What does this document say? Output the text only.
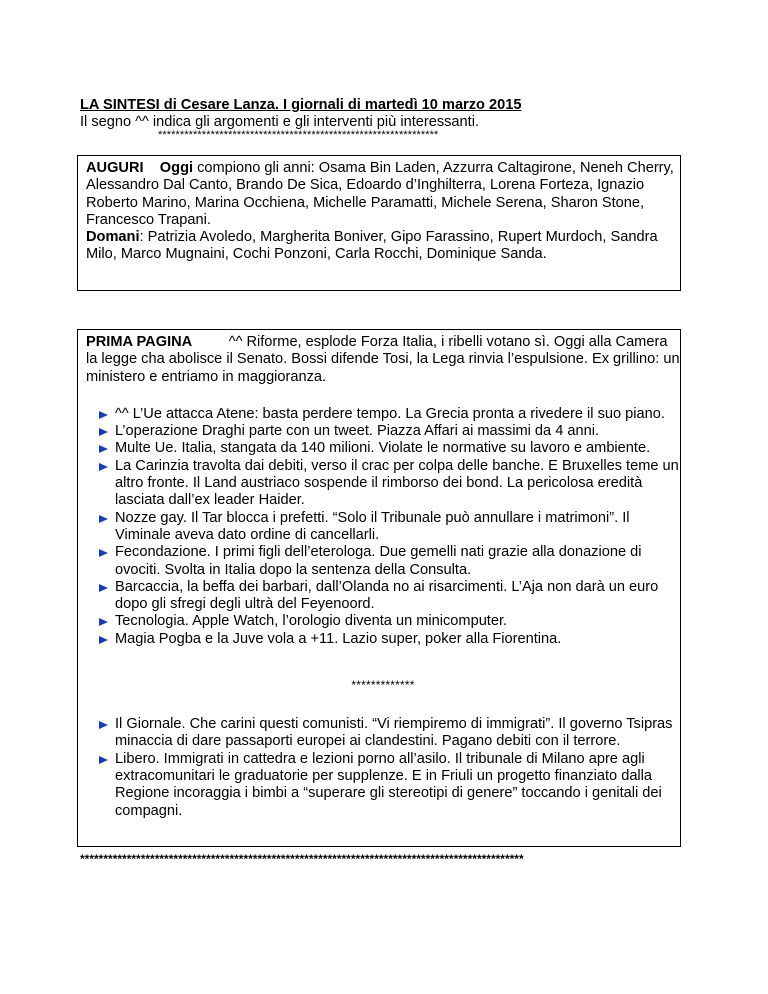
LA SINTESI di Cesare Lanza. I giornali di martedì 10 marzo 2015
Il segno ^^ indica gli argomenti e gli interventi più interessanti.
****************************************************************

AUGURI Oggi compiono gli anni: Osama Bin Laden, Azzurra Caltagirone, Neneh Cherry, Alessandro Dal Canto, Brando De Sica, Edoardo d’Inghilterra, Lorena Forteza, Ignazio Roberto Marino, Marina Occhiena, Michelle Paramatti, Michele Serena, Sharon Stone, Francesco Trapani.

Domani: Patrizia Avoledo, Margherita Boniver, Gipo Farassino, Rupert Murdoch, Sandra Milo, Marco Mugnaini, Cochi Ponzoni, Carla Rocchi, Dominique Sanda.

PRIMA PAGINA	^^ Riforme, esplode Forza Italia, i ribelli votano sì. Oggi alla Camera la legge cha abolisce il Senato. Bossi difende Tosi, la Lega rinvia l’espulsione. Ex grillino: un ministero e entriamo in maggioranza.

^^ L’Ue attacca Atene: basta perdere tempo. La Grecia pronta a rivedere il suo piano.
L’operazione Draghi parte con un tweet. Piazza Affari ai massimi da 4 anni.
Multe Ue. Italia, stangata da 140 milioni. Violate le normative su lavoro e ambiente.
La Carinzia travolta dai debiti, verso il crac per colpa delle banche. E Bruxelles teme un altro fronte. Il Land austriaco sospende il rimborso dei bond. La pericolosa eredità lasciata dall’ex leader Haider.
Nozze gay. Il Tar blocca i prefetti. “Solo il Tribunale può annullare i matrimoni”. Il Viminale aveva dato ordine di cancellarli.
Fecondazione. I primi figli dell’eterologa. Due gemelli nati grazie alla donazione di ovociti. Svolta in Italia dopo la sentenza della Consulta.
Barcaccia, la beffa dei barbari, dall’Olanda no ai risarcimenti. L’Aja non darà un euro dopo gli sfregi degli ultrà del Feyenoord.
Tecnologia. Apple Watch, l’orologio diventa un minicomputer.
Magia Pogba e la Juve vola a +11. Lazio super, poker alla Fiorentina.
*************
Il Giornale. Che carini questi comunisti. “Vi riempiremo di immigrati”. Il governo Tsipras minaccia di dare passaporti europei ai clandestini. Pagano debiti con il terrore.
Libero. Immigrati in cattedra e lezioni porno all’asilo. Il tribunale di Milano apre agli extracomunitari le graduatorie per supplenze. E in Friuli un progetto finanziato dalla Regione incoraggia i bimbi a “superare gli stereotipi di genere” toccando i genitali dei compagni.
***********************************************************************************************
